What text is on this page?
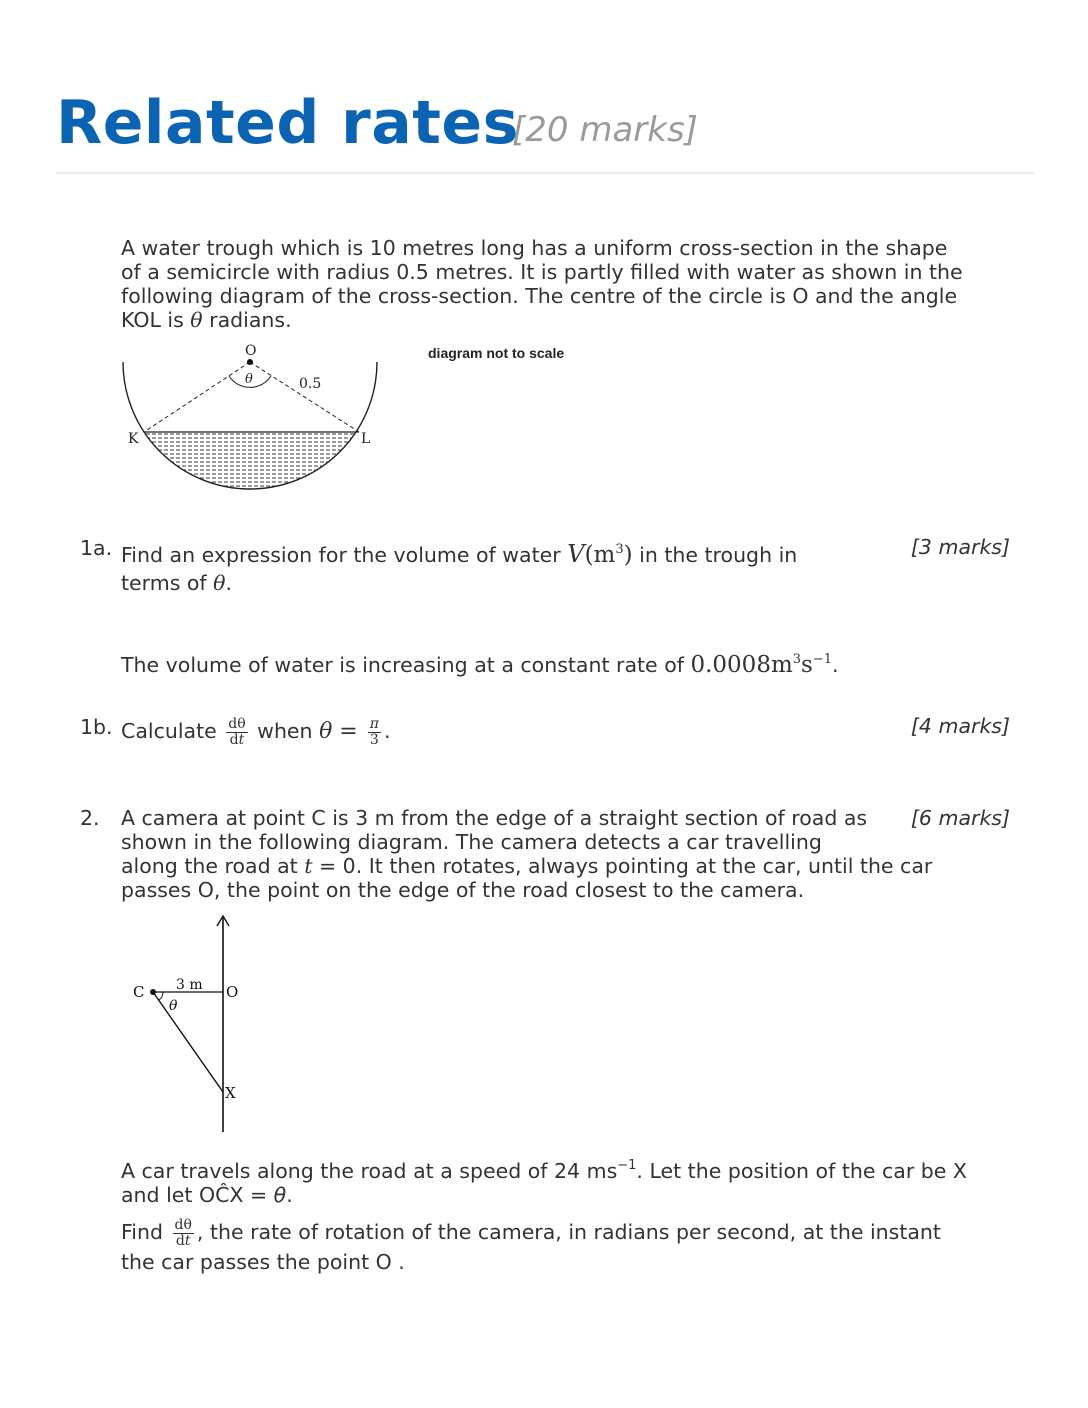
Related rates
[20 marks]
A water trough which is 10 metres long has a uniform cross-section in the shape
of a semicircle with radius 0.5 metres. It is partly filled with water as shown in the
following diagram of the cross-section. The centre of the circle is O and the angle
KOL is θ radians.
O
θ	0.5
K	L
diagram not to scale
1a.	[3 marks]
Find an expression for the volume of water $V(m^3)$ in the trough in
terms of θ.
The volume of water is increasing at a constant rate of $0.0008m^3s^{-1}$.
1b.	[4 marks]
Calculate $\frac{d\theta}{dt}$ when $\theta = \frac{\pi}{3}$ .
2.	[6 marks]
A camera at point C is 3 m from the edge of a straight section of road as
shown in the following diagram. The camera detects a car travelling
along the road at t = 0. It then rotates, always pointing at the car, until the car
passes O, the point on the edge of the road closest to the camera.
C 3 m O
θ
X
A car travels along the road at a speed of 24 $ms^{-1}$. Let the position of the car be X
and let OĈX = θ.
Find $\frac{d\theta}{dt}$ , the rate of rotation of the camera, in radians per second, at the instant
the car passes the point O .
